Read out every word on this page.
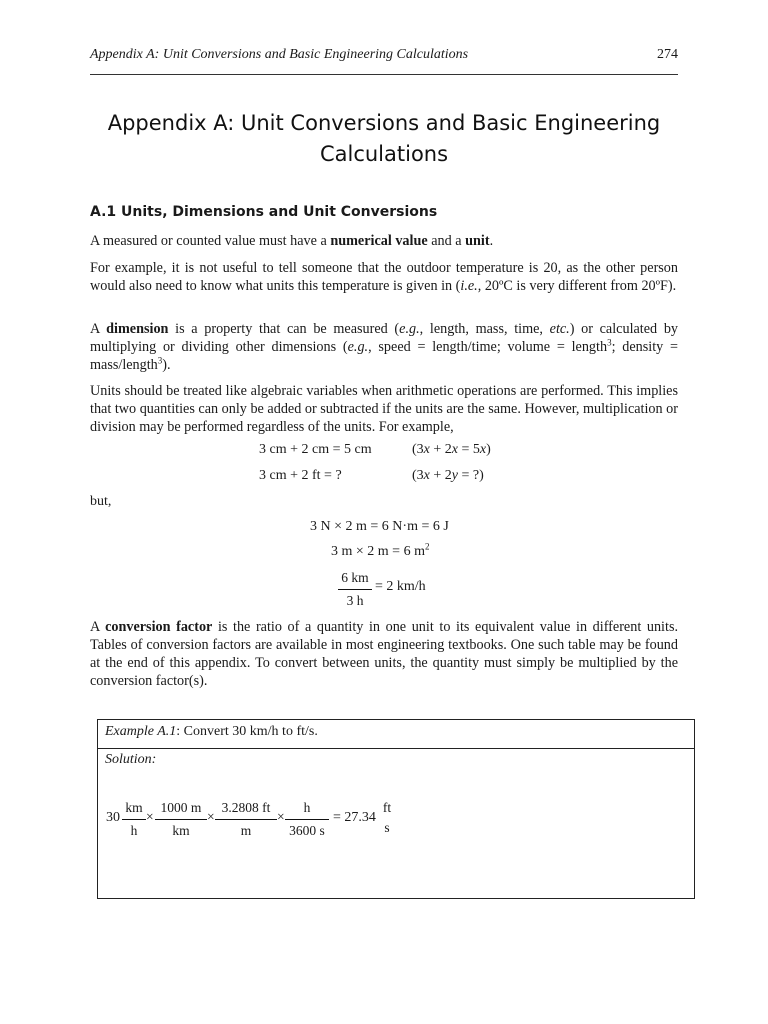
Appendix A: Unit Conversions and Basic Engineering Calculations	274
Appendix A: Unit Conversions and Basic Engineering
Calculations
A.1 Units, Dimensions and Unit Conversions
A measured or counted value must have a numerical value and a unit.
For example, it is not useful to tell someone that the outdoor temperature is 20, as the other person would also need to know what units this temperature is given in (i.e., 20ºC is very different from 20ºF).
A dimension is a property that can be measured (e.g., length, mass, time, etc.) or calculated by multiplying or dividing other dimensions (e.g., speed = length/time; volume = length$^3$; density = mass/length$^3$).
Units should be treated like algebraic variables when arithmetic operations are performed. This implies that two quantities can only be added or subtracted if the units are the same. However, multiplication or division may be performed regardless of the units. For example,
3 cm + 2 cm = 5 cm	(3x + 2x = 5x)
3 cm + 2 ft = ?	(3x + 2y = ?)
but,
3 N × 2 m = 6 N·m = 6 J
3 m × 2 m = 6 $m^2$
6 km
3 h
= 2 km/h
A conversion factor is the ratio of a quantity in one unit to its equivalent value in different units. Tables of conversion factors are available in most engineering textbooks. One such table may be found at the end of this appendix. To convert between units, the quantity must simply be multiplied by the conversion factor(s).
Example A.1: Convert 30 km/h to ft/s.
Solution:
30
km
h
×
1000 m
km
×
3.2808 ft
m
×
h
3600 s
= 27.34
ft
s
